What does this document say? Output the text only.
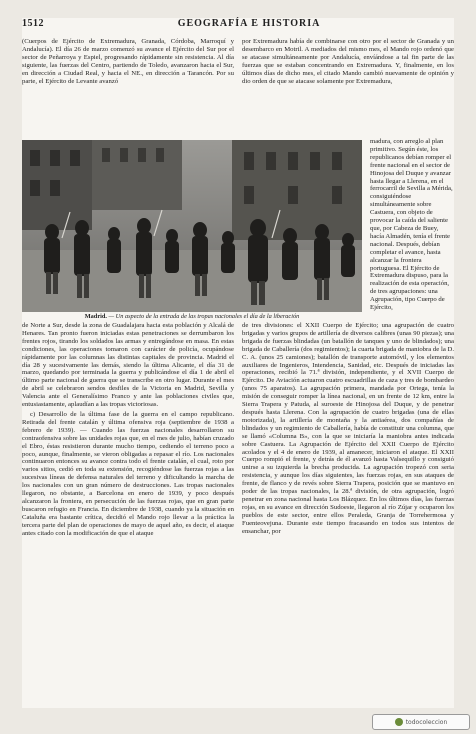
1512	GEOGRAFÍA E HISTORIA

(Cuerpos de Ejército de Extremadura, Granada, Córdoba, Marroquí y Andalucía). El día 26 de marzo comenzó su avance el Ejército del Sur por el sector de Peñarroya y Espiel, progresando rápidamente sin resistencia. Al día siguiente, las fuerzas del Centro, partiendo de Toledo, avanzaron hacia el Sur, en dirección a Ciudad Real, y hacia el NE., en dirección a Tarancón. Por su parte, el Ejército de Levante avanzó

por Extremadura había de combinarse con otro por el sector de Granada y un desembarco en Motril. A mediados del mismo mes, el Mando rojo ordenó que se atacase simultáneamente por Andalucía, envíándose a tal fin parte de las fuerzas que se estaban concentrando en Extremadura. Y, finalmente, en los últimos días de dicho mes, el citado Mando cambió nuevamente de opinión y dio orden de que se atacase solamente por Extremadura,

Madrid. — Un aspecto de la entrada de las tropas nacionales el día de la liberación

madura, con arreglo al plan primitivo. Según éste, los republicanos debían romper el frente nacional en el sector de Hinojosa del Duque y avanzar hasta llegar a Llerena, en el ferrocarril de Sevilla a Mérida, consiguiéndose simultáneamente sobre Castuera, con objeto de provocar la caída del saliente que, por Cabeza de Buey, hacía Almadén, tenía el frente nacional. Después, debían completar el avance, hasta alcanzar la frontera portuguesa. El Ejército de Extremadura dispuso, para la realización de esta operación, de tres agrupaciones: una Agrupación, tipo Cuerpo de Ejército,

de Norte a Sur, desde la zona de Guadalajara hacia esta población y Alcalá de Henares. Tan pronto fueron iniciadas estas penetraciones se derrumbaron los frentes rojos, tirando los soldados las armas y entregándose en masa. En estas condiciones, las operaciones tomaron con carácter de policía, ocupándose rápidamente por las columnas las distintas capitales de provincia. Madrid el día 28 y sucesivamente las demás, siendo la última Alicante, el día 31 de marzo, quedando por terminada la guerra y publicándose el día 1 de abril el último parte nacional de guerra que se transcribe en otro lugar. Durante el mes de abril se celebraron sendos desfiles de la Victoria en Madrid, Sevilla y Valencia ante el Generalísimo Franco y ante las poblaciones civiles que, entusiastamente, aplaudían a las tropas victoriosas.

c) Desarrollo de la última fase de la guerra en el campo republicano. Retirada del frente catalán y última ofensiva roja (septiembre de 1938 a febrero de 1939). — Cuando las fuerzas nacionales desarrollaron su contraofensiva sobre las unidades rojas que, en el mes de julio, habían cruzado el Ebro, éstas resistieron durante mucho tiempo, cediendo el terreno poco a poco, aunque, finalmente, se vieron obligadas a repasar el río. Los nacionales continuaron entonces su avance contra todo el frente catalán, el cual, roto por varios sitios, cedió en toda su extensión, recogiéndose las fuerzas rojas a las sucesivas líneas de defensa naturales del terreno y dificultando la marcha de los nacionales con un gran número de destrucciones. Las tropas nacionales llegaron, no obstante, a Barcelona en enero de 1939, y poco después alcanzaron la frontera, en persecución de las fuerzas rojas, que en gran parte buscaron refugio en Francia. En diciembre de 1938, cuando ya la situación en Cataluña era bastante crítica, decidió el Mando rojo llevar a la práctica la tercera parte del plan de operaciones de mayo de aquel año, es decir, el ataque antes citado con la modificación de que el ataque

de tres divisiones: el XXII Cuerpo de Ejército; una agrupación de cuatro brigadas y varios grupos de artillería de diversos calibres (unas 90 piezas); una brigada de fuerzas blindadas (un batallón de tanques y uno de blindados); una brigada de Caballería (dos regimientos); la cuarta brigada de maniobra de la D. C. A. (unos 25 camiones); batallón de transporte automóvil, y los elementos auxiliares de Ingenieros, Intendencia, Sanidad, etc. Después de iniciadas las operaciones, recibió la 71.ª división, independiente, y el XVII Cuerpo de Ejército. De Aviación actuaron cuatro escuadrillas de caza y tres de bombardeo (unos 75 aparatos). La agrupación primera, mandada por Ortega, tenía la misión de conseguir romper la línea nacional, en un frente de 12 km, entre la Sierra Trapera y Patuda, al suroeste de Hinojosa del Duque, y de penetrar después hasta Llerena. Con la agrupación de cuatro brigadas (una de ellas motorizada), la artillería de montaña y la antiaérea, dos compañías de blindados y un regimiento de Caballería, había de constituir una columna, que se llamó «Columna B», con la que se iniciaría la maniobra antes indicada sobre Castuera. La Agrupación de Ejército del XXII Cuerpo de Ejército acolados y el 4 de enero de 1939, al amanecer, iniciaron el ataque. El XXII Cuerpo rompió el frente, y detrás de él avanzó hasta Valsequillo y consiguió unirse a su izquierda la brecha producida. La agrupación tropezó con seria resistencia, y aunque los días siguientes, las fuerzas rojas, en sus ataques de frente, de flanco y de revés sobre Sierra Trapera, posición que se mantuvo en poder de las tropas nacionales, la 28.ª división, de otra agrupación, logró penetrar en zona nacional hasta Los Blázquez. En los últimos días, las fuerzas rojas, en su avance en dirección Sudoeste, llegaron al río Zújar y ocuparon los pueblos de este sector, entre ellos Peraleda, Granja de Torrehermosa y Fuenteovejuna. Durante este tiempo fracasando en todos sus intentos de ensanchar, por

todocoleccion
